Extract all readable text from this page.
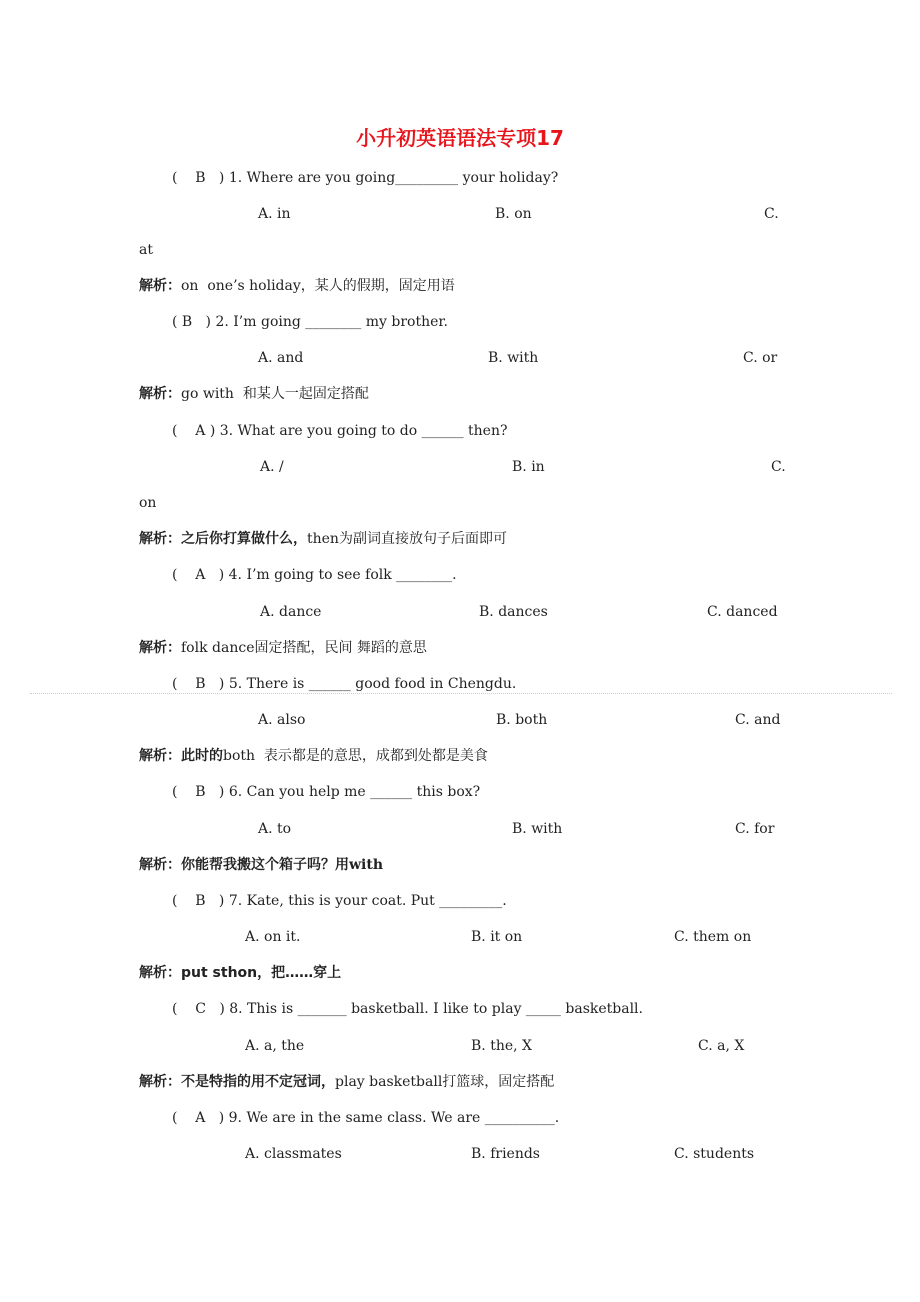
小升初英语语法专项17
(    B   ) 1. Where are you going_________ your holiday?
A. in	B. on	C.
at
解析：on  one’s holiday，某人的假期，固定用语
( B   ) 2. I’m going ________ my brother.
A. and	B. with	C. or
解析：go with  和某人一起固定搭配
(    A ) 3. What are you going to do ______ then?
A. /	B. in	C.
on
解析：之后你打算做什么，then为副词直接放句子后面即可
(    A   ) 4. I’m going to see folk ________.
A. dance	B. dances	C. danced
解析：folk dance固定搭配，民间 舞蹈的意思
(    B   ) 5. There is ______ good food in Chengdu.
A. also	B. both	C. and
解析：此时的both  表示都是的意思，成都到处都是美食
(    B   ) 6. Can you help me ______ this box?
A. to	B. with	C. for
解析：你能帮我搬这个箱子吗？用with
(    B   ) 7. Kate, this is your coat. Put _________.
A. on it.	B. it on	C. them on
解析：put sthon，把……穿上
(    C   ) 8. This is _______ basketball. I like to play _____ basketball.
A. a, the	B. the, X	C. a, X
解析：不是特指的用不定冠词，play basketball打篮球，固定搭配
(    A   ) 9. We are in the same class. We are __________.
A. classmates	B. friends	C. students
